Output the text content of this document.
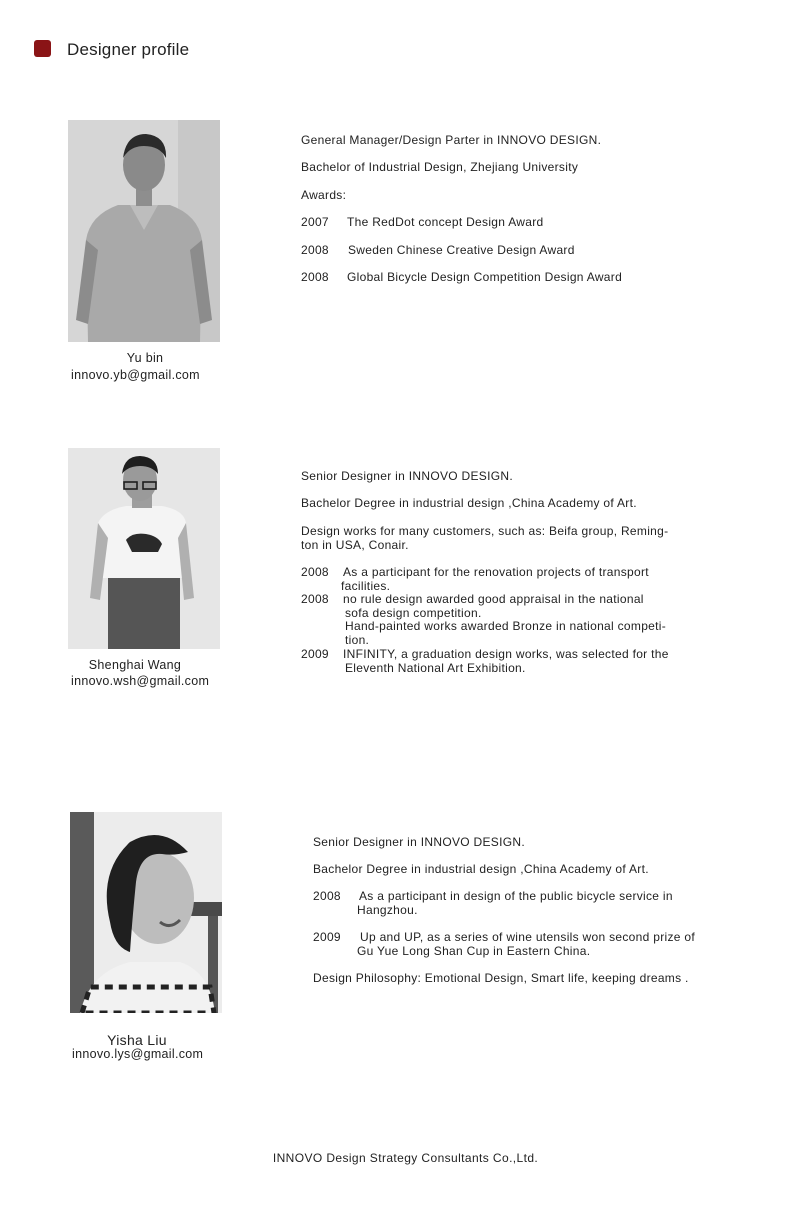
Designer profile
Yu bin
innovo.yb@gmail.com
General Manager/Design Parter in INNOVO DESIGN.
Bachelor of Industrial Design, Zhejiang University
Awards:
2007 The RedDot concept Design Award
2008 Sweden Chinese Creative Design Award
2008 Global Bicycle Design Competition Design Award
Shenghai Wang
innovo.wsh@gmail.com
Senior Designer in INNOVO DESIGN.
Bachelor Degree in industrial design ,China Academy of Art.
Design works for many customers, such as: Beifa group, Reming-
ton in USA, Conair.
2008 As a participant for the renovation projects of transport
facilities.
2008 no rule design awarded good appraisal in the national
sofa design competition.
Hand-painted works awarded Bronze in national competi-
tion.
2009 INFINITY, a graduation design works, was selected for the
Eleventh National Art Exhibition.
Yisha Liu
innovo.lys@gmail.com
Senior Designer in INNOVO DESIGN.
Bachelor Degree in industrial design ,China Academy of Art.
2008 As a participant in design of the public bicycle service in
Hangzhou.
2009 Up and UP, as a series of wine utensils won second prize of
Gu Yue Long Shan Cup in Eastern China.
Design Philosophy: Emotional Design, Smart life, keeping dreams .
INNOVO Design Strategy Consultants Co.,Ltd.
